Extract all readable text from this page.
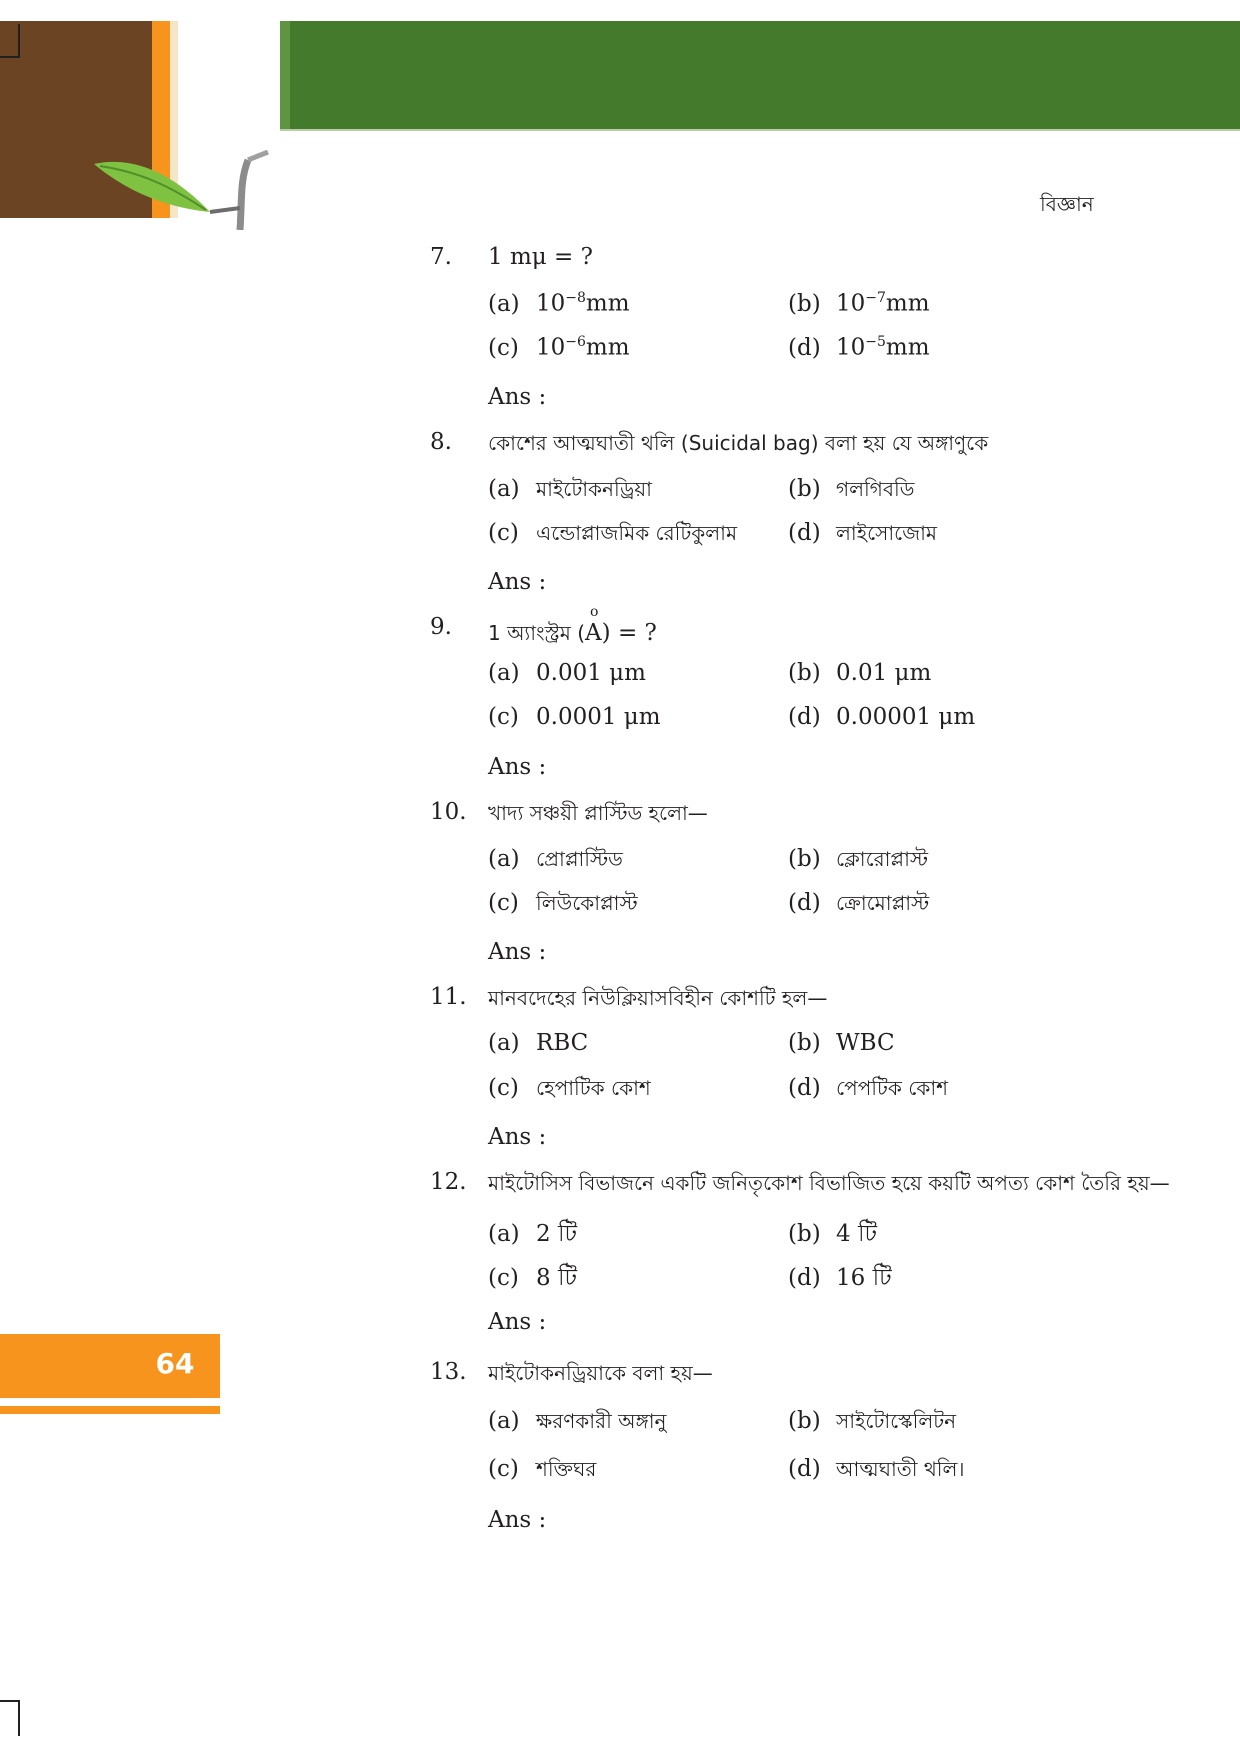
বিজ্ঞান
64
7. 1 mμ = ?
(a) $10^{-8}mm$	(b) $10^{-7}mm$
(c) $10^{-6}mm$	(d) $10^{-5}mm$
Ans :
8. কোশের আত্মঘাতী থলি (Suicidal bag) বলা হয় যে অঙ্গাণুকে
(a) মাইটোকনড্রিয়া	(b) গলগিবডি
(c) এন্ডোপ্লাজমিক রেটিকুলাম (d) লাইসোজোম
Ans :
9. 1 অ্যাংস্ট্রম (
o
A) = ?
(a) 0.001 μm	(b) 0.01 μm
(c) 0.0001 μm	(d) 0.00001 μm
Ans :
10. খাদ্য সঞ্চয়ী প্লাস্টিড হলো—
(a) প্রোপ্লাস্টিড	(b) ক্লোরোপ্লাস্ট
(c) লিউকোপ্লাস্ট	(d) ক্রোমোপ্লাস্ট
Ans :
11. মানবদেহের নিউক্লিয়াসবিহীন কোশটি হল—
(a) RBC	(b) WBC
(c) হেপাটিক কোশ	(d) পেপটিক কোশ
Ans :
12. মাইটোসিস বিভাজনে একটি জনিতৃকোশ বিভাজিত হয়ে কয়টি অপত্য কোশ তৈরি হয়—
(a) 2 টি	(b) 4 টি
(c) 8 টি	(d) 16 টি
Ans :
13. মাইটোকনড্রিয়াকে বলা হয়—
(a) ক্ষরণকারী অঙ্গানু	(b) সাইটোস্কেলিটন
(c) শক্তিঘর	(d) আত্মঘাতী থলি।
Ans :
